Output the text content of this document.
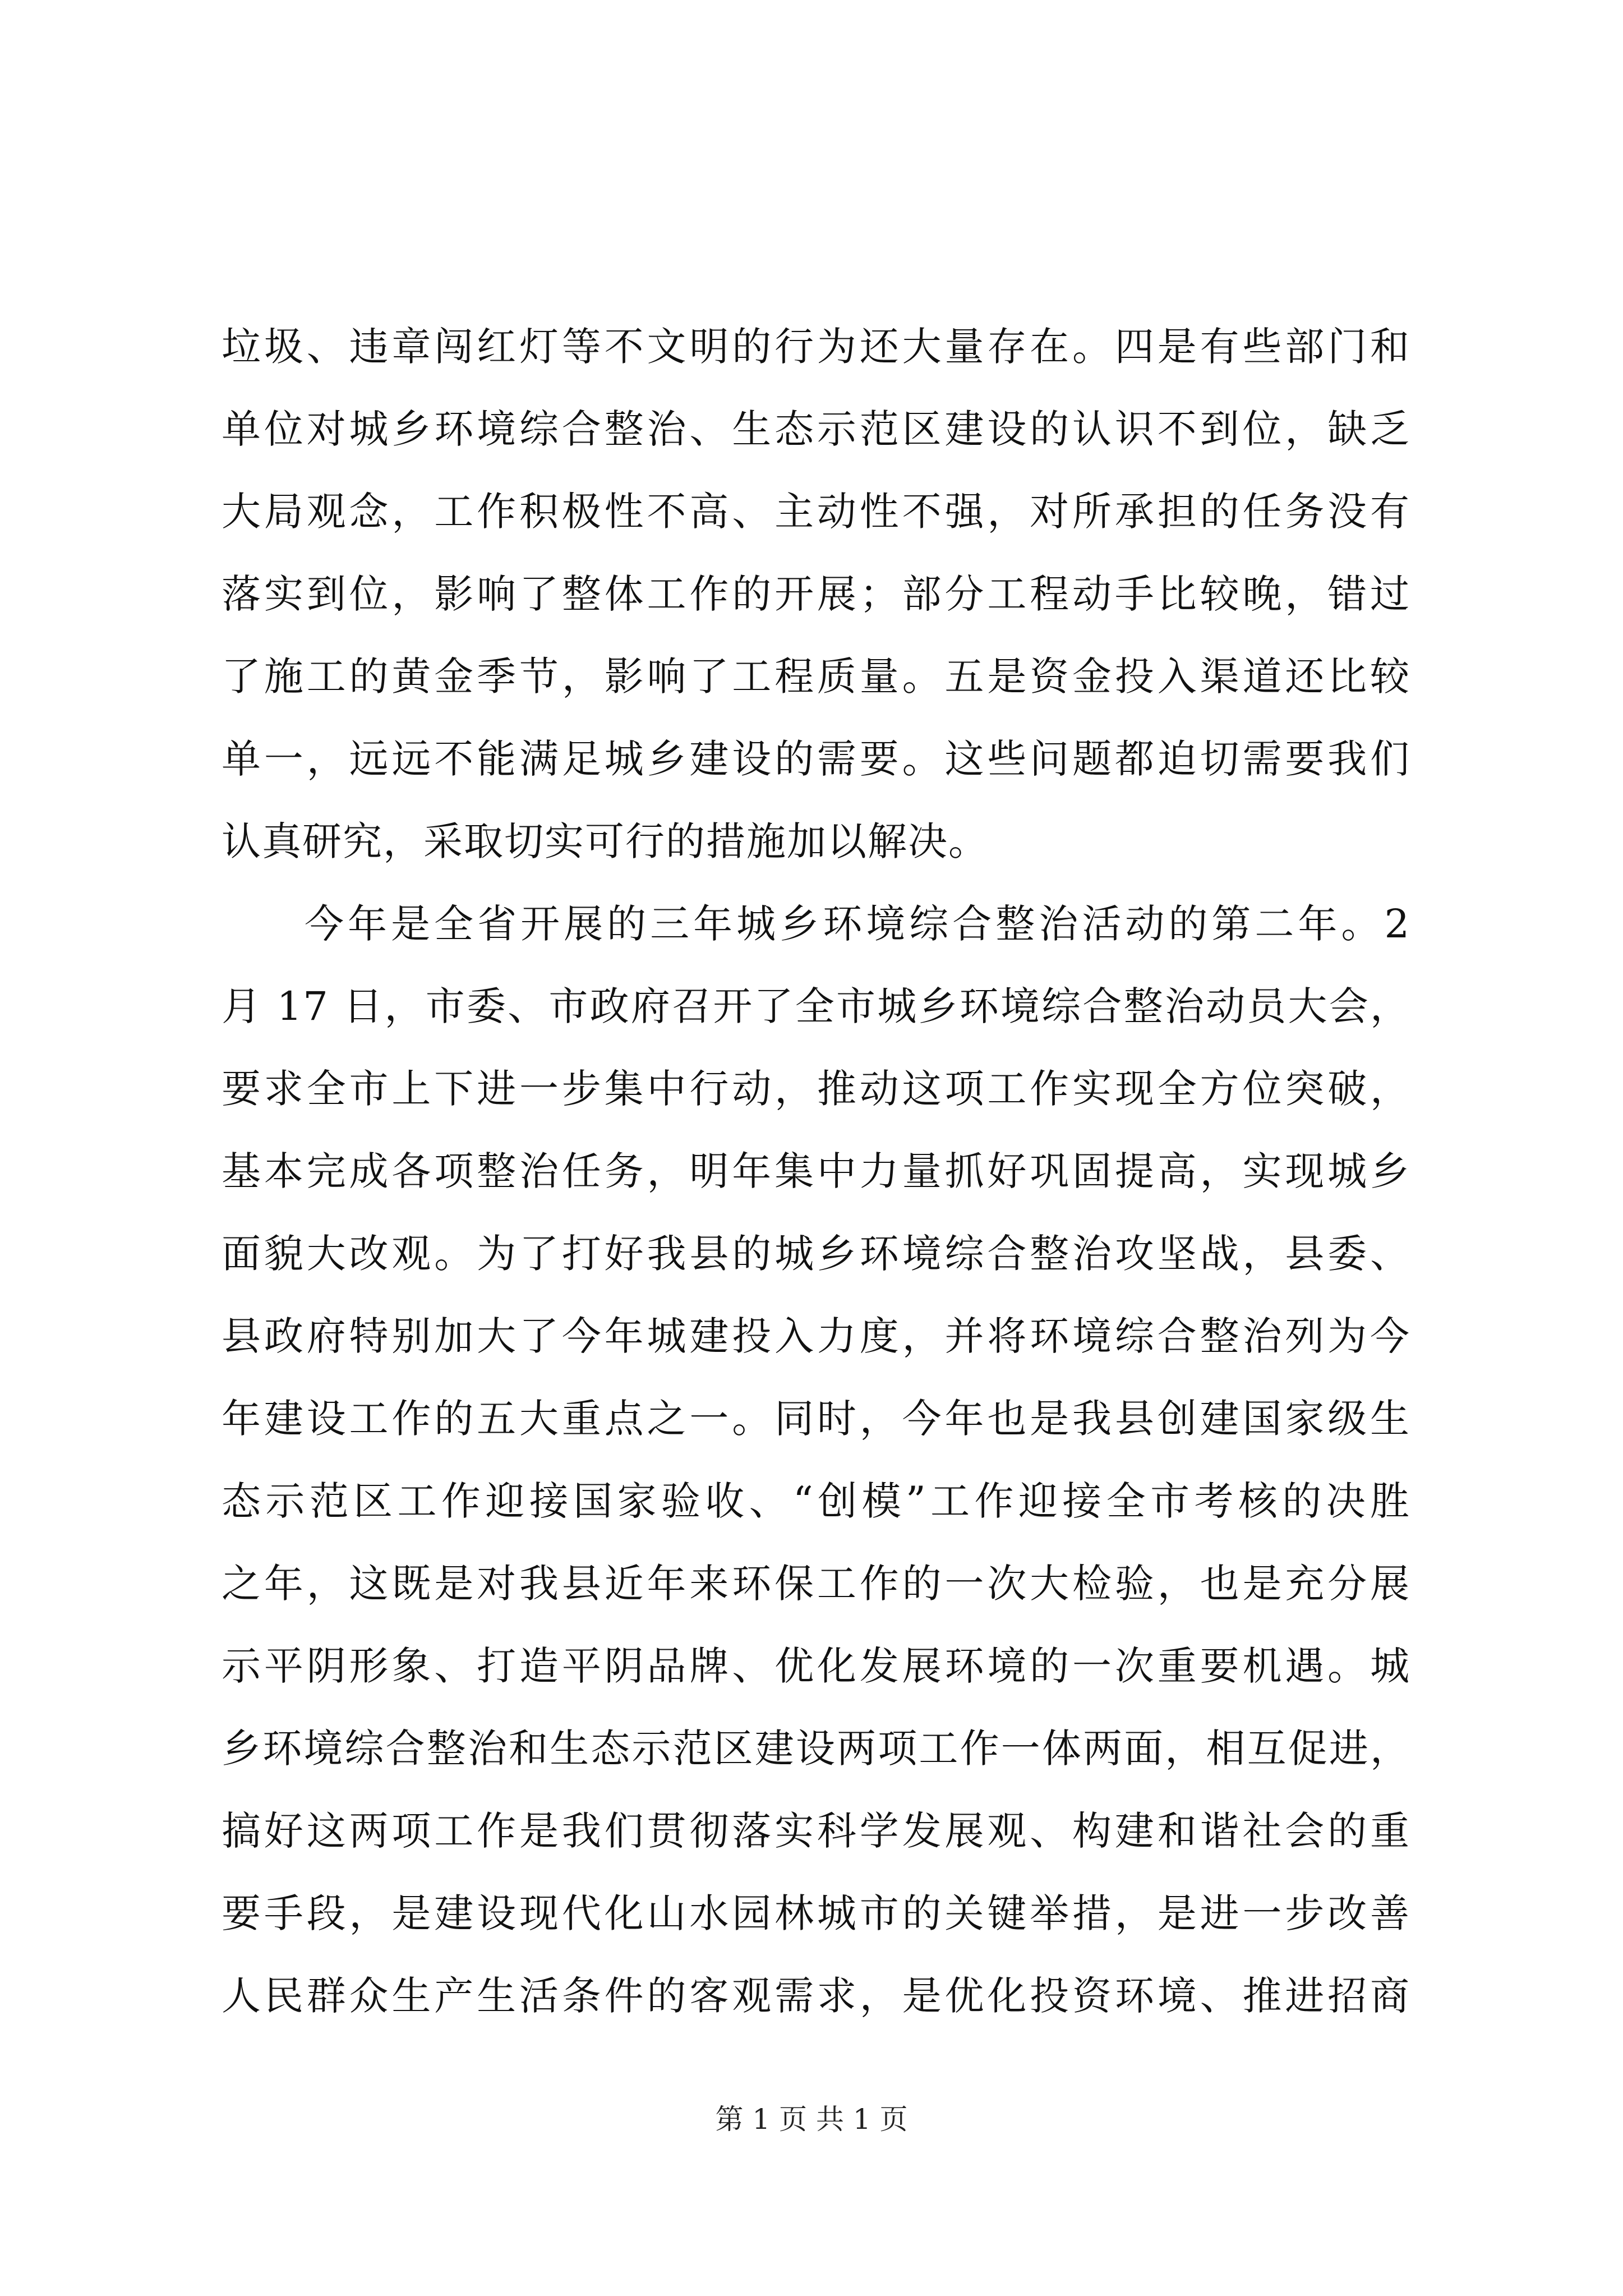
垃圾、违章闯红灯等不文明的行为还大量存在。四是有些部门和
单位对城乡环境综合整治、生态示范区建设的认识不到位，缺乏
大局观念，工作积极性不高、主动性不强，对所承担的任务没有
落实到位，影响了整体工作的开展；部分工程动手比较晚，错过
了施工的黄金季节，影响了工程质量。五是资金投入渠道还比较
单一，远远不能满足城乡建设的需要。这些问题都迫切需要我们
认真研究，采取切实可行的措施加以解决。
今年是全省开展的三年城乡环境综合整治活动的第二年。2
月 17 日，市委、市政府召开了全市城乡环境综合整治动员大会，
要求全市上下进一步集中行动，推动这项工作实现全方位突破，
基本完成各项整治任务，明年集中力量抓好巩固提高，实现城乡
面貌大改观。为了打好我县的城乡环境综合整治攻坚战，县委、
县政府特别加大了今年城建投入力度，并将环境综合整治列为今
年建设工作的五大重点之一。同时，今年也是我县创建国家级生
态示范区工作迎接国家验收、“创模”工作迎接全市考核的决胜
之年，这既是对我县近年来环保工作的一次大检验，也是充分展
示平阴形象、打造平阴品牌、优化发展环境的一次重要机遇。城
乡环境综合整治和生态示范区建设两项工作一体两面，相互促进，
搞好这两项工作是我们贯彻落实科学发展观、构建和谐社会的重
要手段，是建设现代化山水园林城市的关键举措，是进一步改善
人民群众生产生活条件的客观需求，是优化投资环境、推进招商
第 1 页 共 1 页
